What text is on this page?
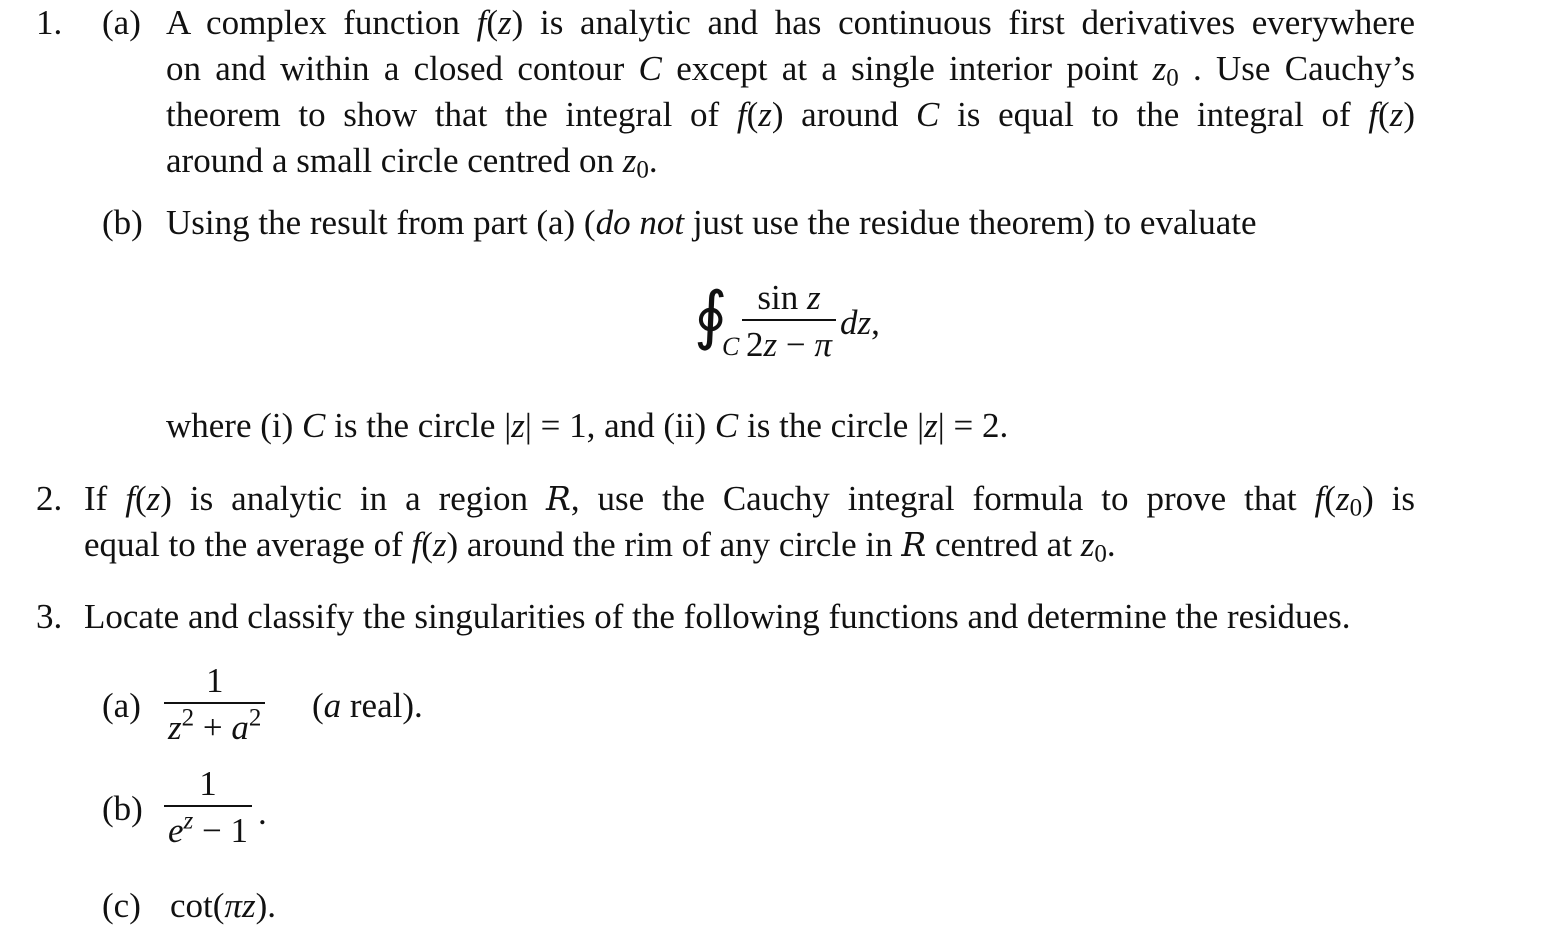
1. (a) A complex function f(z) is analytic and has continuous first derivatives everywhere
on and within a closed contour C except at a single interior point $z_0$ . Use Cauchy’s
theorem to show that the integral of f(z) around C is equal to the integral of f(z)
around a small circle centred on $z_0$.
(b) Using the result from part (a) (do not just use the residue theorem) to evaluate
∮
C
sin z
2z − π
dz,
where (i) C is the circle |z| = 1, and (ii) C is the circle |z| = 2.
2. If f(z) is analytic in a region R, use the Cauchy integral formula to prove that $f(z_0)$ is
equal to the average of f(z) around the rim of any circle in R centred at $z_0$.
3. Locate and classify the singularities of the following functions and determine the residues.
(a)
1
$z^2 + a^2$ (a real).
(b)
1
$e^z - 1$ .
(c) cot(πz).
